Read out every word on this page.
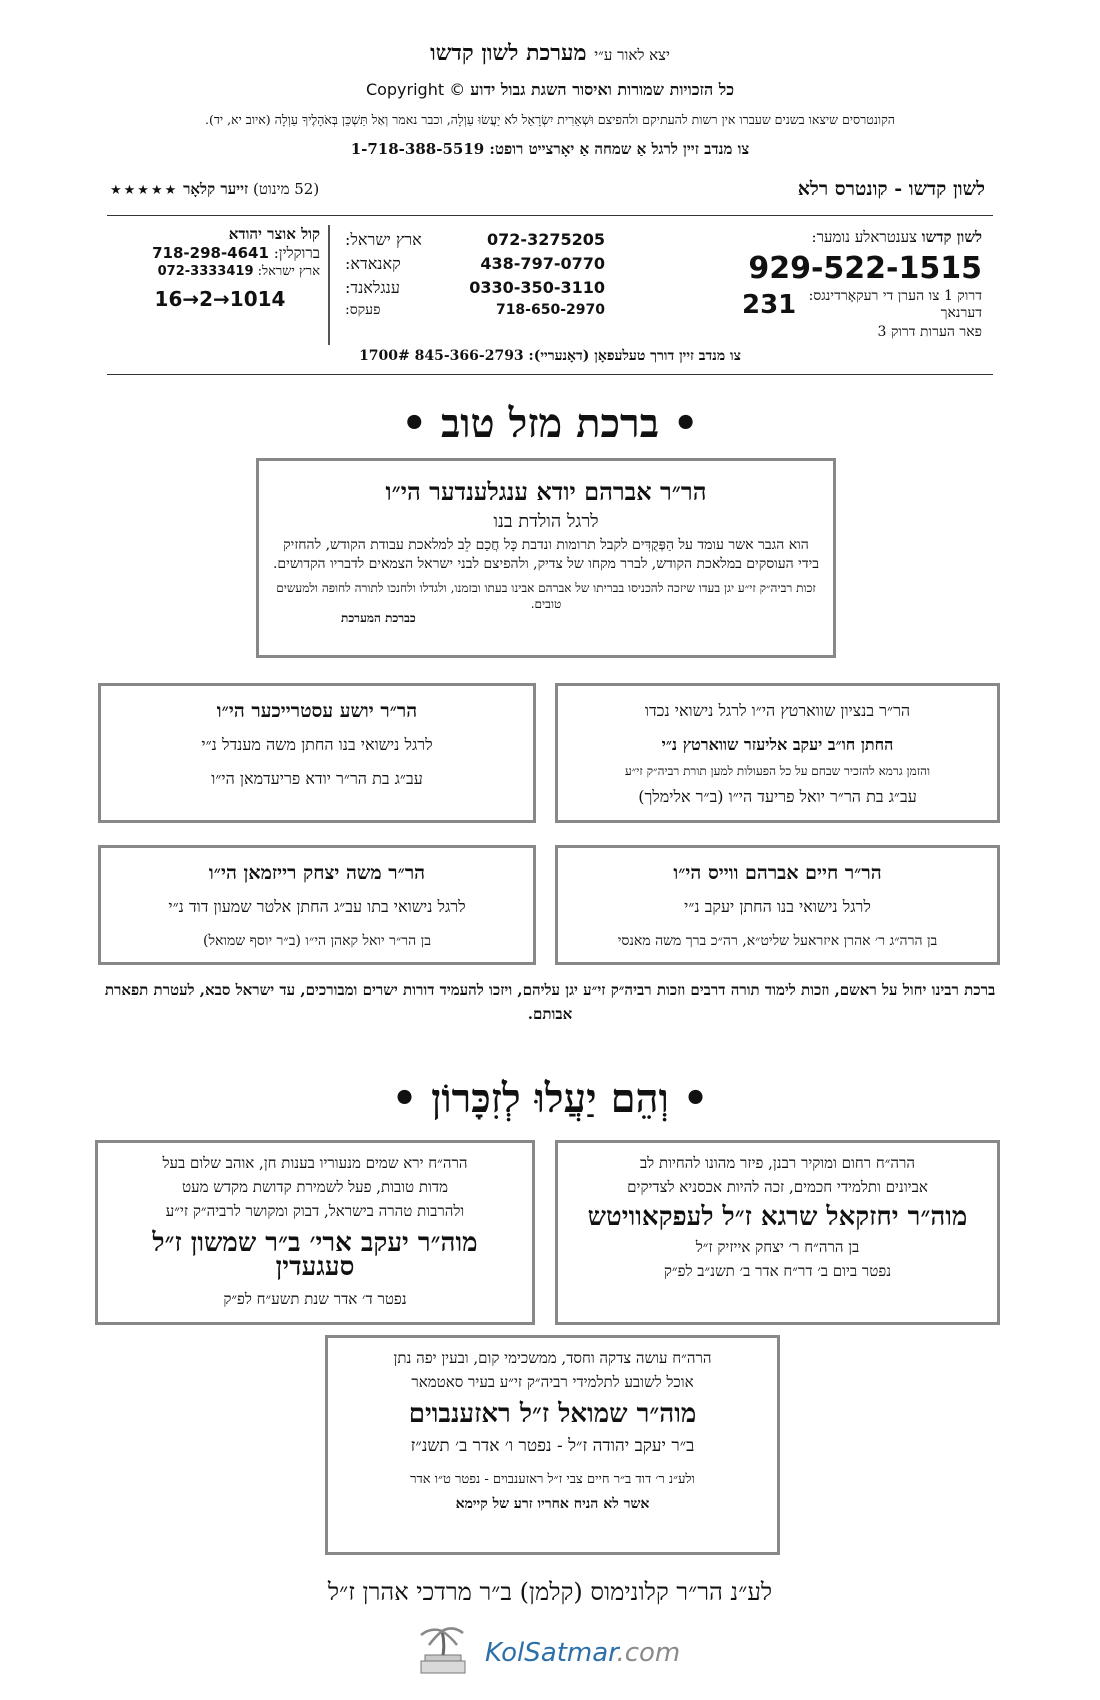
יצא לאור ע״י מערכת לשון קדשו
Copyright © כל הזכויות שמורות ואיסור השגת גבול ידוע
הקונטרסים שיצאו בשנים שעברו אין רשות להעתיקם ולהפיצם וּשְׁאֵרִית יִשְׂרָאֵל לֹא יַעֲשׂוּ עַוְלָה, וכבר נאמר וְאַל תַּשְׁכֵּן בְּאֹהָלֶיךָ עַוְלָה (איוב יא, יד).
צו מנדב זיין לרגל אַ שמחה אַ יאָרצייט רופט: 1-718-388-5519
לשון קדשו - קונטרס רלא
(52 מינוט) זייער קלאָר ★★★★★
לשון קדשו צענטראלע נומער:
929-522-1515
דרוק 1 צו הערן די רעקאָרדינגס: דערנאך
231
פאר הערות דרוק 3
ארץ ישראל:	072-3275205
קאנאדא:	438-797-0770
ענגלאנד:	0330-350-3110
פעקס:	718-650-2970
קול אוצר יהודא
ברוקלין: 718-298-4641
ארץ ישראל: 072-3333419
16→2→1014
צו מנדב זיין דורך טעלעפאָן (דאָנעריי): 845-366-2793 1700#
• ברכת מזל טוב •
הר״ר אברהם יודא ענגלענדער הי״ו
לרגל הולדת בנו
הוא הגבר אשר עומד על הַפְּקֻדִּים לקבל תרומות ונדבת כָּל חֲכַם לֵב למלאכת עבודת הקודש, להחזיק בידי העוסקים במלאכת הקודש, לברר מקחו של צדיק, ולהפיצם לבני ישראל הצמאים לדבריו הקדושים.
זכות רביה״ק זי״ע יגן בעדו שיזכה להכניסו בבריתו של אברהם אבינו בעתו ובזמנו, ולגדלו ולחנכו לתורה לחופה ולמעשים טובים.
כברכת המערכת
הר״ר בנציון שווארטץ הי״ו לרגל נישואי נכדו
החתן חו״ב יעקב אליעזר שווארטץ נ״י
והזמן גרמא להזכיר שבחם על כל הפעולות למען תורת רביה״ק זי״ע
עב״ג בת הר״ר יואל פריעד הי״ו (ב״ר אלימלך)
הר״ר יושע עסטרייכער הי״ו
לרגל נישואי בנו החתן משה מענדל נ״י
עב״ג בת הר״ר יודא פריעדמאן הי״ו
הר״ר חיים אברהם ווייס הי״ו
לרגל נישואי בנו החתן יעקב נ״י
בן הרה״ג ר׳ אהרן איזראעל שליט״א, רה״כ ברך משה מאנסי
הר״ר משה יצחק רייזמאן הי״ו
לרגל נישואי בתו עב״ג החתן אלטר שמעון דוד נ״י
בן הר״ר יואל קאהן הי״ו (ב״ר יוסף שמואל)
ברכת רבינו יחול על ראשם, וזכות לימוד תורה דרבים וזכות רביה״ק זי״ע יגן עליהם, ויזכו להעמיד דורות ישרים ומבורכים, עד ישראל סבא, לעטרת תפארת אבותם.
• וְהֵם יַעֲלוּ לְזִכָּרוֹן •
הרה״ח רחום ומוקיר רבנן, פיזר מהונו להחיות לב
אביונים ותלמידי חכמים, זכה להיות אכסניא לצדיקים
מוה״ר יחזקאל שרגא ז״ל לעפקאוויטש
בן הרה״ח ר׳ יצחק אייזיק ז״ל
נפטר ביום ב׳ דר״ח אדר ב׳ תשנ״ב לפ״ק
הרה״ח ירא שמים מנעוריו בענות חן, אוהב שלום בעל
מדות טובות, פעל לשמירת קדושת מקדש מעט
ולהרבות טהרה בישראל, דבוק ומקושר לרביה״ק זי״ע
מוה״ר יעקב ארי׳ ב״ר שמשון ז״ל סעגעדין
נפטר ד׳ אדר שנת תשע״ח לפ״ק
הרה״ח עושה צדקה וחסד, ממשכימי קום, ובעין יפה נתן
אוכל לשובע לתלמידי רביה״ק זי״ע בעיר סאטמאר
מוה״ר שמואל ז״ל ראזענבוים
ב״ר יעקב יהודה ז״ל - נפטר ו׳ אדר ב׳ תשנ״ז
ולע״נ ר׳ דוד ב״ר חיים צבי ז״ל ראזענבוים - נפטר ט״ו אדר
אשר לא הניח אחריו זרע של קיימא
לע״נ הר״ר קלונימוס (קלמן) ב״ר מרדכי אהרן ז״ל
KolSatmar.com
